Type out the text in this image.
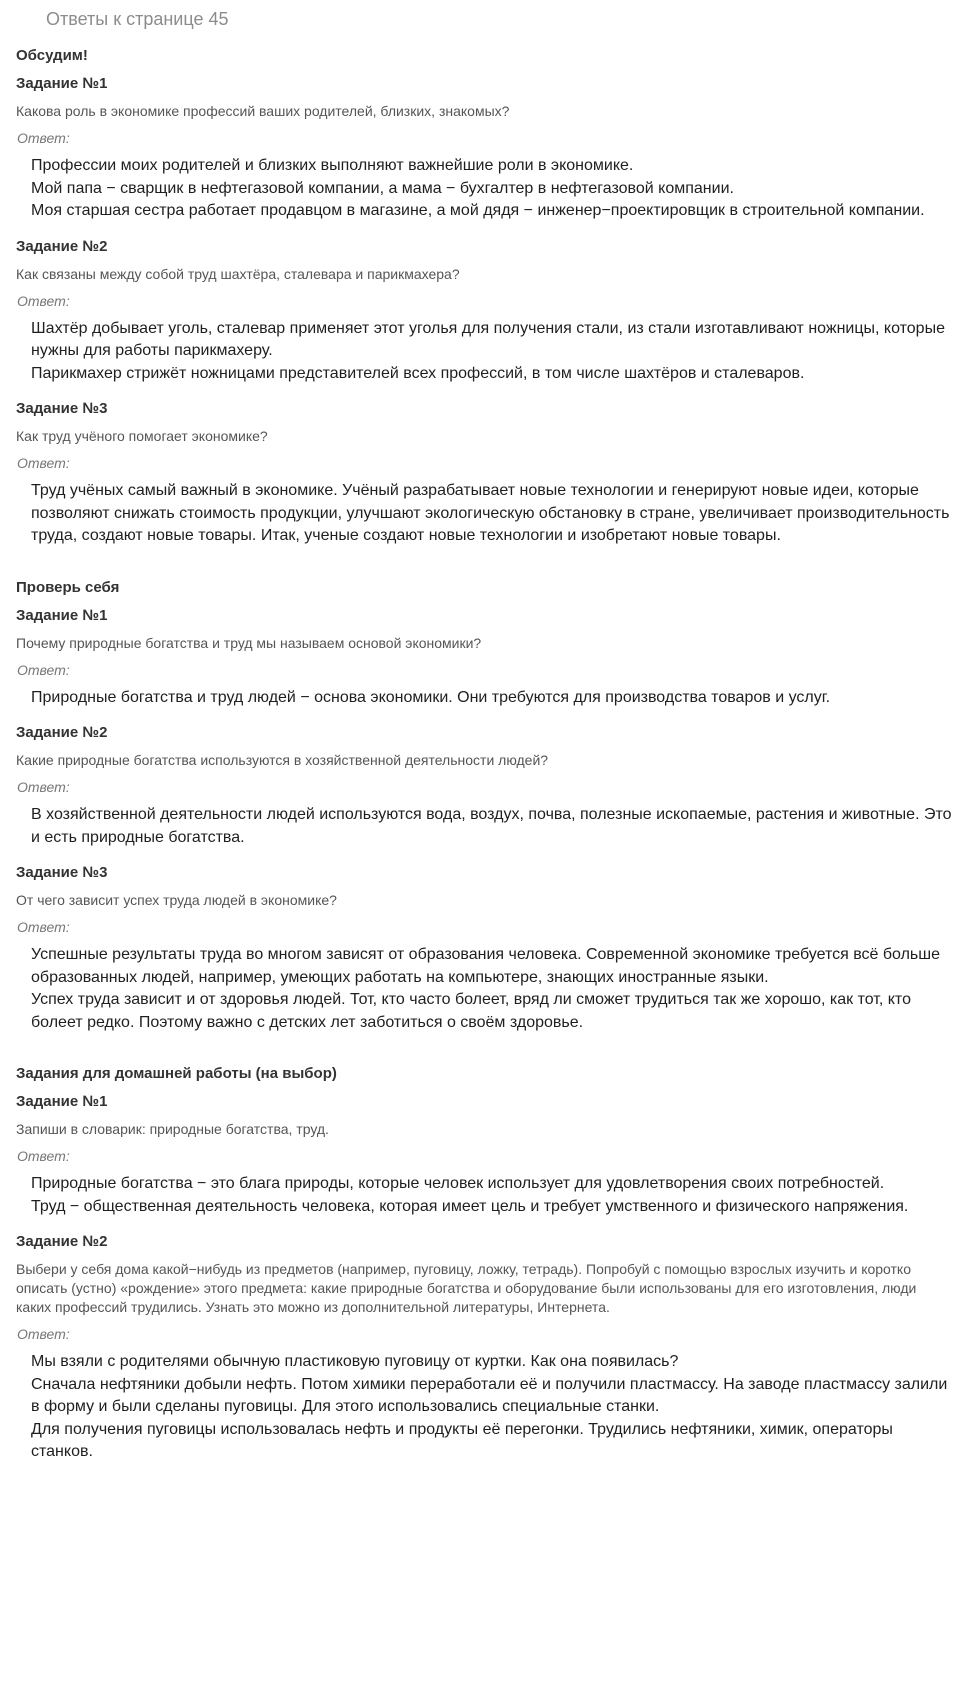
Ответы к странице 45
Обсудим!
Задание №1
Какова роль в экономике профессий ваших родителей, близких, знакомых?
Ответ:

Профессии моих родителей и близких выполняют важнейшие роли в экономике.

Мой папа − сварщик в нефтегазовой компании, а мама − бухгалтер в нефтегазовой компании.

Моя старшая сестра работает продавцом в магазине, а мой дядя − инженер−проектировщик в строительной компании.

Задание №2
Как связаны между собой труд шахтёра, сталевара и парикмахера?
Ответ:

Шахтёр добывает уголь, сталевар применяет этот уголья для получения стали, из стали изготавливают ножницы, которые нужны для работы парикмахеру.

Парикмахер стрижёт ножницами представителей всех профессий, в том числе шахтёров и сталеваров.

Задание №3
Как труд учёного помогает экономике?
Ответ:

Труд учёных самый важный в экономике. Учёный разрабатывает новые технологии и генерируют новые идеи, которые позволяют снижать стоимость продукции, улучшают экологическую обстановку в стране, увеличивает производительность труда, создают новые товары. Итак, ученые создают новые технологии и изобретают новые товары.

Проверь себя
Задание №1
Почему природные богатства и труд мы называем основой экономики?
Ответ:

Природные богатства и труд людей − основа экономики. Они требуются для производства товаров и услуг.

Задание №2
Какие природные богатства используются в хозяйственной деятельности людей?
Ответ:

В хозяйственной деятельности людей используются вода, воздух, почва, полезные ископаемые, растения и животные. Это и есть природные богатства.

Задание №3
От чего зависит успех труда людей в экономике?
Ответ:

Успешные результаты труда во многом зависят от образования человека. Современной экономике требуется всё больше образованных людей, например, умеющих работать на компьютере, знающих иностранные языки.

Успех труда зависит и от здоровья людей. Тот, кто часто болеет, вряд ли сможет трудиться так же хорошо, как тот, кто болеет редко. Поэтому важно с детских лет заботиться о своём здоровье.

Задания для домашней работы (на выбор)
Задание №1
Запиши в словарик: природные богатства, труд.
Ответ:

Природные богатства − это блага природы, которые человек использует для удовлетворения своих потребностей.

Труд − общественная деятельность человека, которая имеет цель и требует умственного и физического напряжения.

Задание №2
Выбери у себя дома какой−нибудь из предметов (например, пуговицу, ложку, тетрадь). Попробуй с помощью взрослых изучить и коротко описать (устно) «рождение» этого предмета: какие природные богатства и оборудование были использованы для его изготовления, люди каких профессий трудились. Узнать это можно из дополнительной литературы, Интернета.
Ответ:

Мы взяли с родителями обычную пластиковую пуговицу от куртки. Как она появилась?

Сначала нефтяники добыли нефть. Потом химики переработали её и получили пластмассу. На заводе пластмассу залили в форму и были сделаны пуговицы. Для этого использовались специальные станки.

Для получения пуговицы использовалась нефть и продукты её перегонки. Трудились нефтяники, химик, операторы станков.
